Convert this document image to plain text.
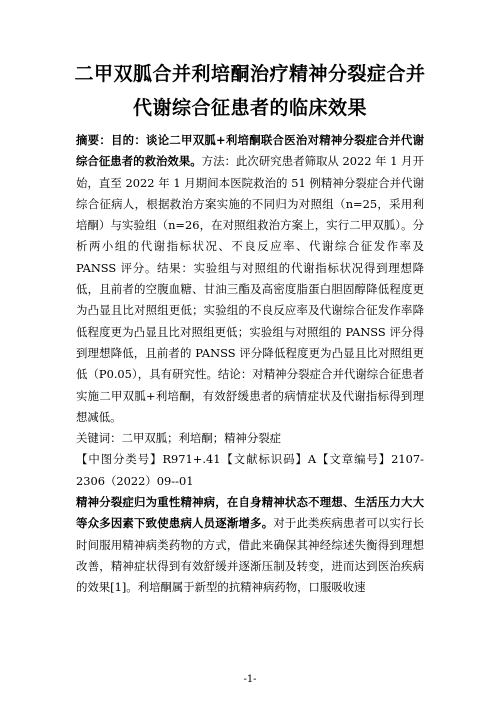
二甲双胍合并利培酮治疗精神分裂症合并
代谢综合征患者的临床效果

摘要：目的：谈论二甲双胍+利培酮联合医治对精神分裂症合并代谢综合征患者的救治效果。方法：此次研究患者筛取从 2022 年 1 月开始，直至 2022 年 1 月期间本医院救治的 51 例精神分裂症合并代谢综合征病人，根据救治方案实施的不同归为对照组（n=25，采用利培酮）与实验组（n=26，在对照组救治方案上，实行二甲双胍）。分析两小组的代谢指标状况、不良反应率、代谢综合征发作率及 PANSS 评分。结果：实验组与对照组的代谢指标状况得到理想降低，且前者的空腹血糖、甘油三酯及高密度脂蛋白胆固醇降低程度更为凸显且比对照组更低；实验组的不良反应率及代谢综合征发作率降低程度更为凸显且比对照组更低；实验组与对照组的 PANSS 评分得到理想降低，且前者的 PANSS 评分降低程度更为凸显且比对照组更低（P0.05），具有研究性。结论：对精神分裂症合并代谢综合征患者实施二甲双胍+利培酮，有效舒缓患者的病情症状及代谢指标得到理想减低。

关键词：二甲双胍；利培酮；精神分裂症

【中图分类号】R971+.41【文献标识码】A【文章编号】2107-2306（2022）09--01

精神分裂症归为重性精神病，在自身精神状态不理想、生活压力大大等众多因素下致使患病人员逐渐增多。对于此类疾病患者可以实行长时间服用精神病类药物的方式，借此来确保其神经综述失衡得到理想改善，精神症状得到有效舒缓并逐渐压制及转变，进而达到医治疾病的效果[1]。利培酮属于新型的抗精神病药物，口服吸收速

-1-
